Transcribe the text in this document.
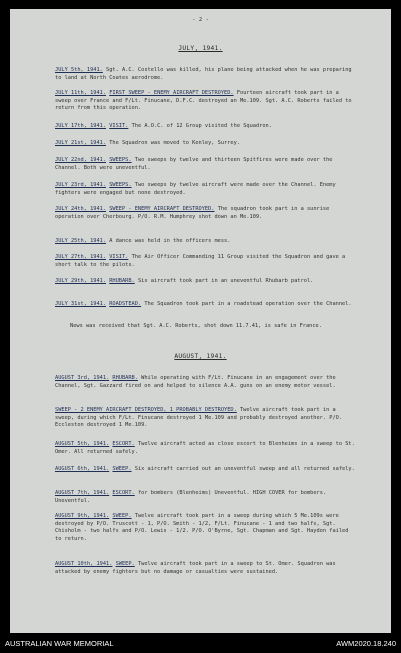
- 2 -
JULY, 1941.

JULY 5th, 1941. Sgt. A.C. Costello was killed, his plane being attacked when he was preparing to land at North Coates aerodrome.

JULY 11th, 1941. FIRST SWEEP - ENEMY AIRCRAFT DESTROYED. Fourteen aircraft took part in a sweep over France and F/Lt. Finucane, D.F.C. destroyed an Me.109. Sgt. A.C. Roberts failed to return from this operation.

JULY 17th, 1941. VISIT. The A.O.C. of 12 Group visited the Squadron.

JULY 21st, 1941. The Squadron was moved to Kenley, Surrey.

JULY 22nd, 1941. SWEEPS. Two sweeps by twelve and thirteen Spitfires were made over the Channel. Both were uneventful.

JULY 23rd, 1941. SWEEPS. Two sweeps by twelve aircraft were made over the Channel. Enemy fighters were engaged but none destroyed.

JULY 24th, 1941. SWEEP - ENEMY AIRCRAFT DESTROYED. The squadron took part in a sunrise operation over Cherbourg. P/O. R.M. Humphrey shot down an Me.109.

JULY 25th, 1941. A dance was held in the officers mess.

JULY 27th, 1941. VISIT. The Air Officer Commanding 11 Group visited the Squadron and gave a short talk to the pilots.

JULY 29th, 1941. RHUBARB. Six aircraft took part in an uneventful Rhubarb patrol.

JULY 31st, 1941. ROADSTEAD. The Squadron took part in a roadstead operation over the Channel.

News was received that Sgt. A.C. Roberts, shot down 11.7.41, is safe in France.

AUGUST, 1941.

AUGUST 3rd, 1941. RHUBARB. While operating with F/Lt. Finucane in an engagement over the Channel, Sgt. Gazzard fired on and helped to silence A.A. guns on an enemy motor vessel.

SWEEP - 2 ENEMY AIRCRAFT DESTROYED, 1 PROBABLY DESTROYED. Twelve aircraft took part in a sweep, during which F/Lt. Finucane destroyed 1 Me.109 and probably destroyed another. P/O. Eccleston destroyed 1 Me.109.

AUGUST 5th, 1941. ESCORT. Twelve aircraft acted as close escort to Blenheims in a sweep to St. Omer. All returned safely.

AUGUST 6th, 1941. SWEEP. Six aircraft carried out an uneventful sweep and all returned safely.

AUGUST 7th, 1941. ESCORT. for bombers (Blenheims) Uneventful. HIGH COVER for bombers. Uneventful.

AUGUST 9th, 1941. SWEEP. Twelve aircraft took part in a sweep during which 5 Me.109s were destroyed by P/O. Truscott - 1, P/O. Smith - 1/2, F/Lt. Finucane - 1 and two halfs, Sgt. Chisholm - two halfs and P/O. Lewis - 1/2. P/O. O'Byrne, Sgt. Chapman and Sgt. Haydon failed to return.

AUGUST 10th, 1941. SWEEP. Twelve aircraft took part in a sweep to St. Omer. Squadron was attacked by enemy fighters but no damage or casualties were sustained.

AUSTRALIAN WAR MEMORIAL	AWM2020.18.240
